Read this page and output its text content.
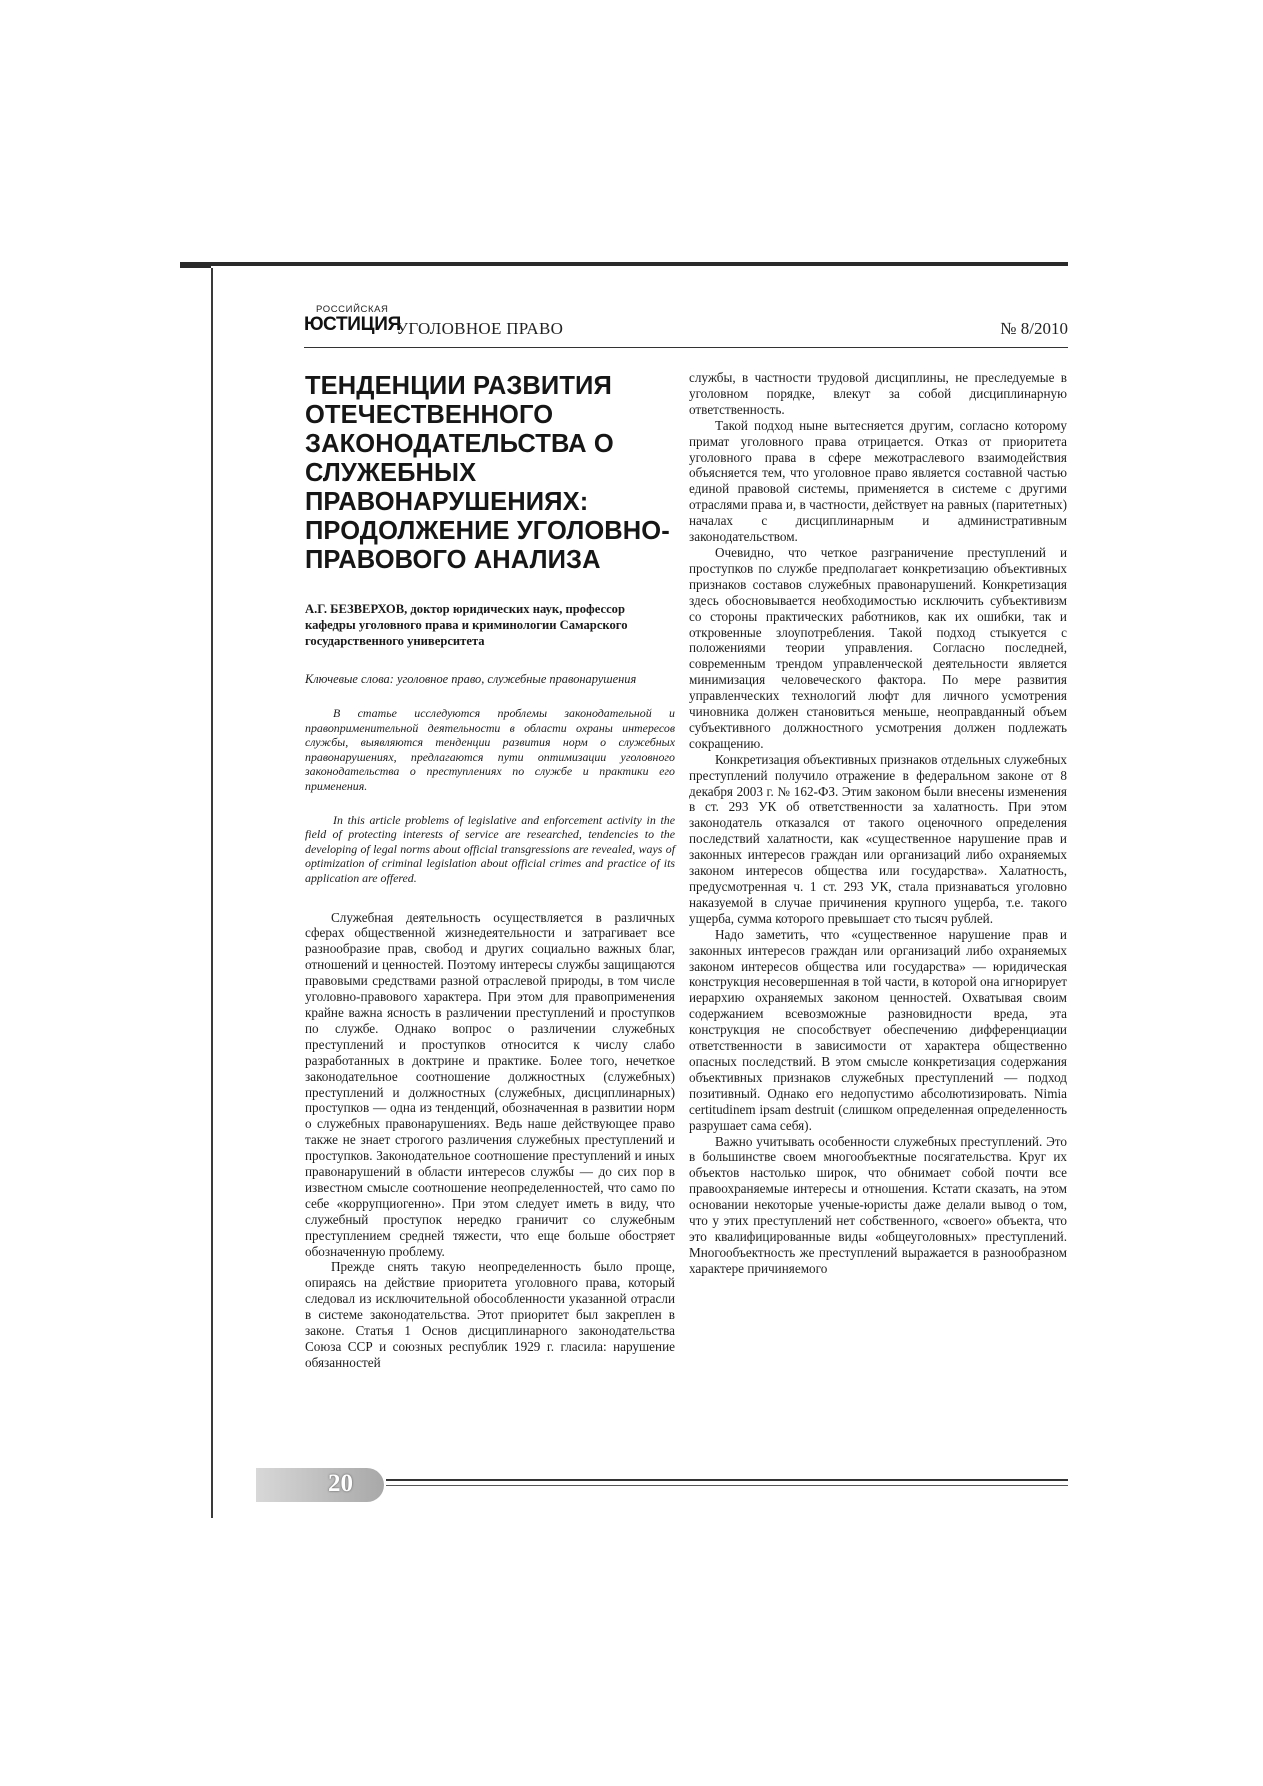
РОССИЙСКАЯ
ЮСТИЦИЯ
УГОЛОВНОЕ ПРАВО	№ 8/2010
ТЕНДЕНЦИИ РАЗВИТИЯ ОТЕЧЕСТВЕННОГО ЗАКОНОДАТЕЛЬСТВА О СЛУЖЕБНЫХ ПРАВОНАРУШЕНИЯХ: ПРОДОЛЖЕНИЕ УГОЛОВНО-ПРАВОВОГО АНАЛИЗА
А.Г. БЕЗВЕРХОВ, доктор юридических наук, профессор кафедры уголовного права и криминологии Самарского государственного университета
Ключевые слова: уголовное право, служебные правонарушения
В статье исследуются проблемы законодательной и правоприменительной деятельности в области охраны интересов службы, выявляются тенденции развития норм о служебных правонарушениях, предлагаются пути оптимизации уголовного законодательства о преступлениях по службе и практики его применения.
In this article problems of legislative and enforcement activity in the field of protecting interests of service are researched, tendencies to the developing of legal norms about official transgressions are revealed, ways of optimization of criminal legislation about official crimes and practice of its application are offered.

Служебная деятельность осуществляется в различных сферах общественной жизнедеятельности и затрагивает все разнообразие прав, свобод и других социально важных благ, отношений и ценностей. Поэтому интересы службы защищаются правовыми средствами разной отраслевой природы, в том числе уголовно-правового характера. При этом для правоприменения крайне важна ясность в различении преступлений и проступков по службе. Однако вопрос о различении служебных преступлений и проступков относится к числу слабо разработанных в доктрине и практике. Более того, нечеткое законодательное соотношение должностных (служебных) преступлений и должностных (служебных, дисциплинарных) проступков — одна из тенденций, обозначенная в развитии норм о служебных правонарушениях. Ведь наше действующее право также не знает строгого различения служебных преступлений и проступков. Законодательное соотношение преступлений и иных правонарушений в области интересов службы — до сих пор в известном смысле соотношение неопределенностей, что само по себе «коррупциогенно». При этом следует иметь в виду, что служебный проступок нередко граничит со служебным преступлением средней тяжести, что еще больше обостряет обозначенную проблему.

Прежде снять такую неопределенность было проще, опираясь на действие приоритета уголовного права, который следовал из исключительной обособленности указанной отрасли в системе законодательства. Этот приоритет был закреплен в законе. Статья 1 Основ дисциплинарного законодательства Союза ССР и союзных республик 1929 г. гласила: нарушение обязанностей

службы, в частности трудовой дисциплины, не преследуемые в уголовном порядке, влекут за собой дисциплинарную ответственность.

Такой подход ныне вытесняется другим, согласно которому примат уголовного права отрицается. Отказ от приоритета уголовного права в сфере межотраслевого взаимодействия объясняется тем, что уголовное право является составной частью единой правовой системы, применяется в системе с другими отраслями права и, в частности, действует на равных (паритетных) началах с дисциплинарным и административным законодательством.

Очевидно, что четкое разграничение преступлений и проступков по службе предполагает конкретизацию объективных признаков составов служебных правонарушений. Конкретизация здесь обосновывается необходимостью исключить субъективизм со стороны практических работников, как их ошибки, так и откровенные злоупотребления. Такой подход стыкуется с положениями теории управления. Согласно последней, современным трендом управленческой деятельности является минимизация человеческого фактора. По мере развития управленческих технологий люфт для личного усмотрения чиновника должен становиться меньше, неоправданный объем субъективного должностного усмотрения должен подлежать сокращению.

Конкретизация объективных признаков отдельных служебных преступлений получило отражение в федеральном законе от 8 декабря 2003 г. № 162-ФЗ. Этим законом были внесены изменения в ст. 293 УК об ответственности за халатность. При этом законодатель отказался от такого оценочного определения последствий халатности, как «существенное нарушение прав и законных интересов граждан или организаций либо охраняемых законом интересов общества или государства». Халатность, предусмотренная ч. 1 ст. 293 УК, стала признаваться уголовно наказуемой в случае причинения крупного ущерба, т.е. такого ущерба, сумма которого превышает сто тысяч рублей.

Надо заметить, что «существенное нарушение прав и законных интересов граждан или организаций либо охраняемых законом интересов общества или государства» — юридическая конструкция несовершенная в той части, в которой она игнорирует иерархию охраняемых законом ценностей. Охватывая своим содержанием всевозможные разновидности вреда, эта конструкция не способствует обеспечению дифференциации ответственности в зависимости от характера общественно опасных последствий. В этом смысле конкретизация содержания объективных признаков служебных преступлений — подход позитивный. Однако его недопустимо абсолютизировать. Nimia certitudinem ipsam destruit (слишком определенная определенность разрушает сама себя).

Важно учитывать особенности служебных преступлений. Это в большинстве своем многообъектные посягательства. Круг их объектов настолько широк, что обнимает собой почти все правоохраняемые интересы и отношения. Кстати сказать, на этом основании некоторые ученые-юристы даже делали вывод о том, что у этих преступлений нет собственного, «своего» объекта, что это квалифицированные виды «общеуголовных» преступлений. Многообъектность же преступлений выражается в разнообразном характере причиняемого

20
